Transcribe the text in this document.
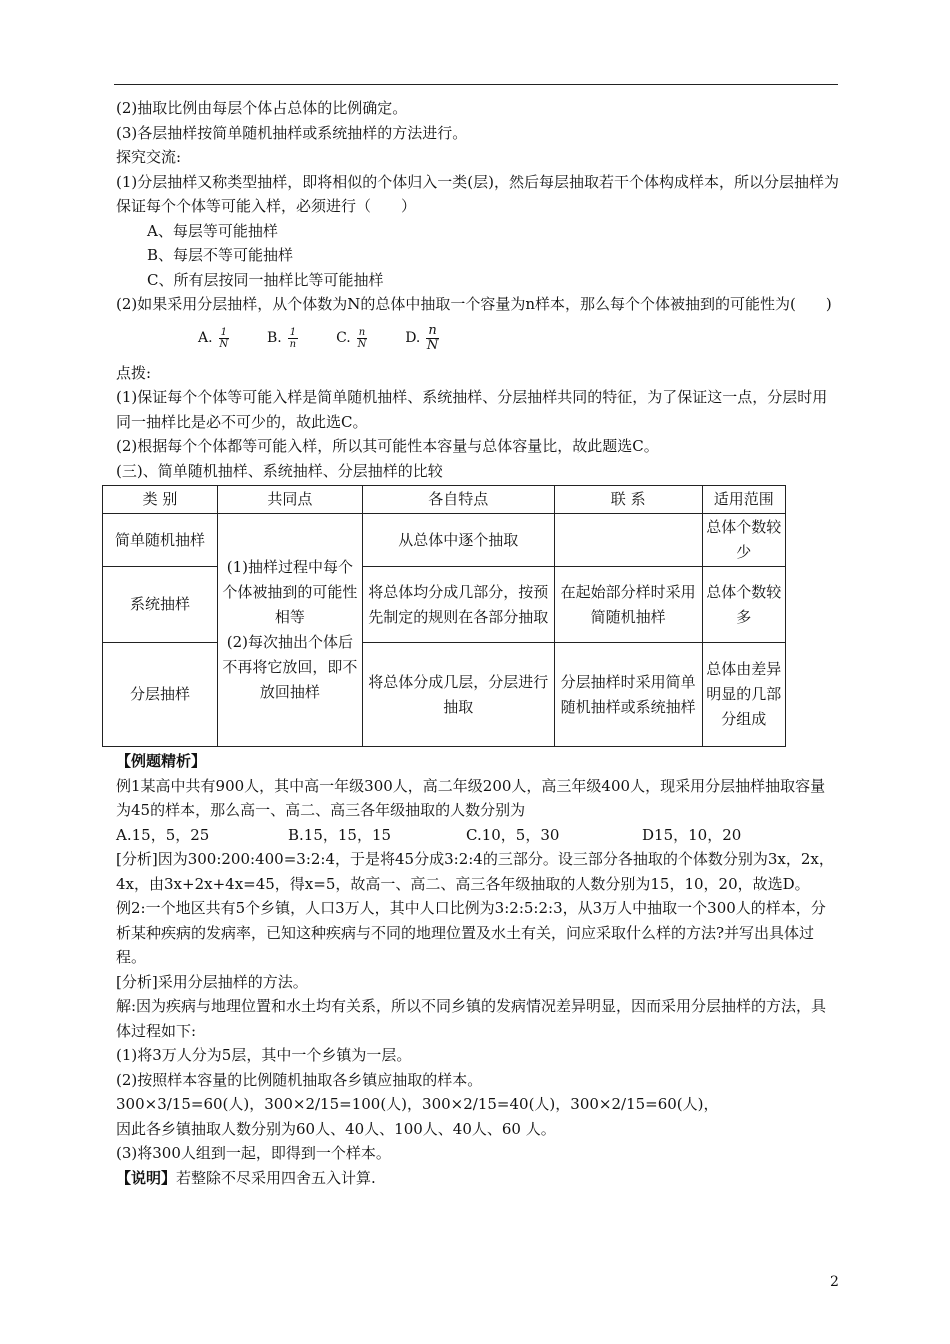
(2)抽取比例由每层个体占总体的比例确定。

(3)各层抽样按简单随机抽样或系统抽样的方法进行。

探究交流:

(1)分层抽样又称类型抽样，即将相似的个体归入一类(层)，然后每层抽取若干个体构成样本，所以分层抽样为保证每个个体等可能入样，必须进行（　　）

A、每层等可能抽样

B、每层不等可能抽样

C、所有层按同一抽样比等可能抽样

(2)如果采用分层抽样，从个体数为N的总体中抽取一个容量为n样本，那么每个个体被抽到的可能性为(　　)

A. $\frac{1}{N}$	B. $\frac{1}{n}$	C. $\frac{n}{N}$	D. $\frac{n}{N}$

点拨:

(1)保证每个个体等可能入样是简单随机抽样、系统抽样、分层抽样共同的特征，为了保证这一点，分层时用同一抽样比是必不可少的，故此选C。

(2)根据每个个体都等可能入样，所以其可能性本容量与总体容量比，故此题选C。

(三)、简单随机抽样、系统抽样、分层抽样的比较

类 别	共同点	各自特点	联 系	适用范围
简单随机抽样	(1)抽样过程中每个个体被抽到的可能性相等
(2)每次抽出个体后不再将它放回，即不放回抽样	从总体中逐个抽取		总体个数较少
系统抽样		将总体均分成几部分，按预先制定的规则在各部分抽取	在起始部分样时采用简随机抽样	总体个数较多
分层抽样		将总体分成几层，分层进行抽取	分层抽样时采用简单随机抽样或系统抽样	总体由差异明显的几部分组成

【例题精析】

例1某高中共有900人，其中高一年级300人，高二年级200人，高三年级400人，现采用分层抽样抽取容量为45的样本，那么高一、高二、高三各年级抽取的人数分别为

A.15，5，25	B.15，15，15	C.10，5，30	D15，10，20

[分析]因为300:200:400=3:2:4，于是将45分成3:2:4的三部分。设三部分各抽取的个体数分别为3x，2x，4x，由3x+2x+4x=45，得x=5，故高一、高二、高三各年级抽取的人数分别为15，10，20，故选D。

例2:一个地区共有5个乡镇，人口3万人，其中人口比例为3:2:5:2:3，从3万人中抽取一个300人的样本，分析某种疾病的发病率，已知这种疾病与不同的地理位置及水土有关，问应采取什么样的方法?并写出具体过程。

[分析]采用分层抽样的方法。

解:因为疾病与地理位置和水土均有关系，所以不同乡镇的发病情况差异明显，因而采用分层抽样的方法，具体过程如下:

(1)将3万人分为5层，其中一个乡镇为一层。

(2)按照样本容量的比例随机抽取各乡镇应抽取的样本。

300×3/15=60(人)，300×2/15=100(人)，300×2/15=40(人)，300×2/15=60(人)，

因此各乡镇抽取人数分别为60人、40人、100人、40人、60 人。

(3)将300人组到一起，即得到一个样本。

【说明】若整除不尽采用四舍五入计算.

2
